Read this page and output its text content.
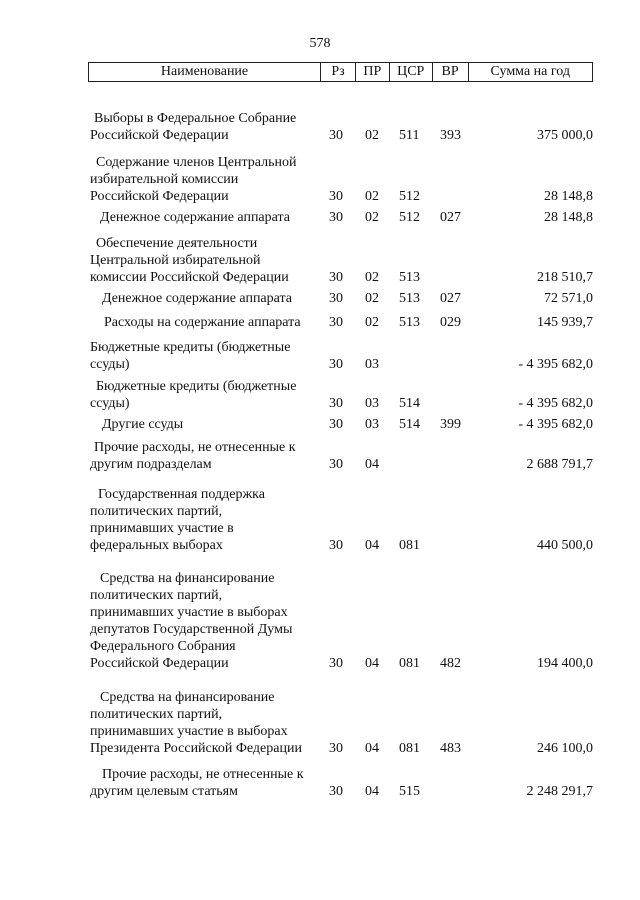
578
Наименование	Рз	ПР	ЦСР	ВР	Сумма на год
Выборы в Федеральное Собрание
Российской Федерации	30 02 511 393	375 000,0
Содержание членов Центральной
избирательной комиссии
Российской Федерации	30 02 512	28 148,8
Денежное содержание аппарата	30 02 512 027	28 148,8
Обеспечение деятельности
Центральной избирательной
комиссии Российской Федерации	30 02 513	218 510,7
Денежное содержание аппарата	30 02 513 027	72 571,0
Расходы на содержание аппарата	30 02 513 029	145 939,7
Бюджетные кредиты (бюджетные
ссуды)	30 03	- 4 395 682,0
Бюджетные кредиты (бюджетные
ссуды)	30 03 514	- 4 395 682,0
Другие ссуды	30 03 514 399	- 4 395 682,0
Прочие расходы, не отнесенные к
другим подразделам	30 04	2 688 791,7
Государственная поддержка
политических партий,
принимавших участие в
федеральных выборах	30 04 081	440 500,0
Средства на финансирование
политических партий,
принимавших участие в выборах
депутатов Государственной Думы
Федерального Собрания
Российской Федерации	30 04 081 482	194 400,0
Средства на финансирование
политических партий,
принимавших участие в выборах
Президента Российской Федерации	30 04 081 483	246 100,0
Прочие расходы, не отнесенные к
другим целевым статьям	30 04 515	2 248 291,7
